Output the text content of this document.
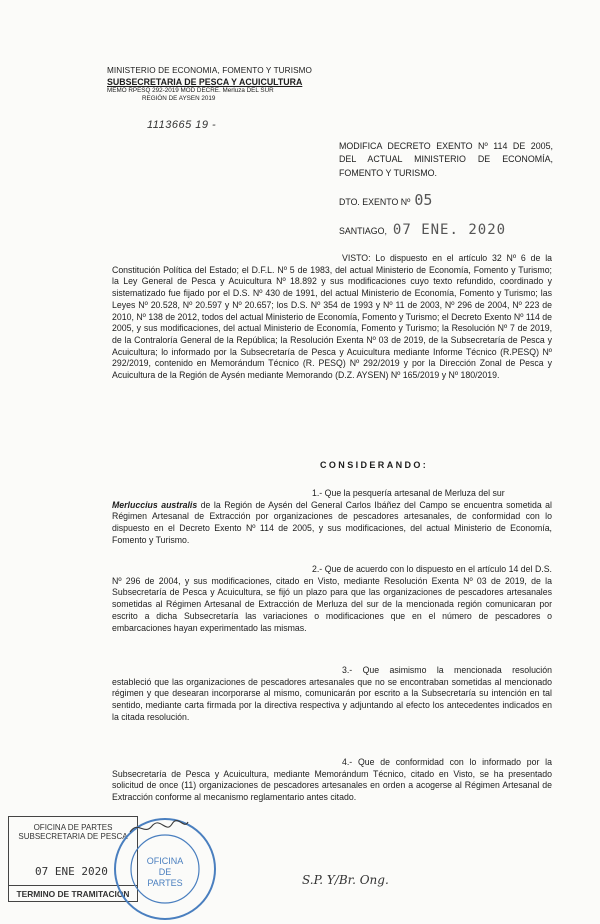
MINISTERIO DE ECONOMIA, FOMENTO Y TURISMO
SUBSECRETARIA DE PESCA Y ACUICULTURA
MEMO RPESQ 292-2019 MOD DECRE. Merluza DEL SUR
REGIÓN DE AYSEN 2019
1113665 19 -
MODIFICA DECRETO EXENTO Nº 114 DE 2005, DEL ACTUAL MINISTERIO DE ECONOMÍA, FOMENTO Y TURISMO.
DTO. EXENTO Nº 05
SANTIAGO, 07 ENE. 2020
VISTO: Lo dispuesto en el artículo 32 Nº 6 de la Constitución Política del Estado; el D.F.L. Nº 5 de 1983, del actual Ministerio de Economía, Fomento y Turismo; la Ley General de Pesca y Acuicultura Nº 18.892 y sus modificaciones cuyo texto refundido, coordinado y sistematizado fue fijado por el D.S. Nº 430 de 1991, del actual Ministerio de Economía, Fomento y Turismo; las Leyes Nº 20.528, Nº 20.597 y Nº 20.657; los D.S. Nº 354 de 1993 y Nº 11 de 2003, Nº 296 de 2004, Nº 223 de 2010, Nº 138 de 2012, todos del actual Ministerio de Economía, Fomento y Turismo; el Decreto Exento Nº 114 de 2005, y sus modificaciones, del actual Ministerio de Economía, Fomento y Turismo; la Resolución Nº 7 de 2019, de la Contraloría General de la República; la Resolución Exenta Nº 03 de 2019, de la Subsecretaría de Pesca y Acuicultura; lo informado por la Subsecretaría de Pesca y Acuicultura mediante Informe Técnico (R.PESQ) Nº 292/2019, contenido en Memorándum Técnico (R. PESQ) Nº 292/2019 y por la Dirección Zonal de Pesca y Acuicultura de la Región de Aysén mediante Memorando (D.Z. AYSEN) Nº 165/2019 y Nº 180/2019.
CONSIDERANDO:
1.- Que la pesquería artesanal de Merluza del sur
Merluccius australis de la Región de Aysén del General Carlos Ibáñez del Campo se encuentra sometida al Régimen Artesanal de Extracción por organizaciones de pescadores artesanales, de conformidad con lo dispuesto en el Decreto Exento Nº 114 de 2005, y sus modificaciones, del actual Ministerio de Economía, Fomento y Turismo.
2.- Que de acuerdo con lo dispuesto en el artículo 14 del D.S. Nº 296 de 2004, y sus modificaciones, citado en Visto, mediante Resolución Exenta Nº 03 de 2019, de la Subsecretaría de Pesca y Acuicultura, se fijó un plazo para que las organizaciones de pescadores artesanales sometidas al Régimen Artesanal de Extracción de Merluza del sur de la mencionada región comunicaran por escrito a dicha Subsecretaría las variaciones o modificaciones que en el número de pescadores o embarcaciones hayan experimentado las mismas.
3.- Que asimismo la mencionada resolución estableció que las organizaciones de pescadores artesanales que no se encontraban sometidas al mencionado régimen y que desearan incorporarse al mismo, comunicarán por escrito a la Subsecretaría su intención en tal sentido, mediante carta firmada por la directiva respectiva y adjuntando al efecto los antecedentes indicados en la citada resolución.
4.- Que de conformidad con lo informado por la Subsecretaría de Pesca y Acuicultura, mediante Memorándum Técnico, citado en Visto, se ha presentado solicitud de once (11) organizaciones de pescadores artesanales en orden a acogerse al Régimen Artesanal de Extracción conforme al mecanismo reglamentario antes citado.
OFICINA DE PARTES
SUBSECRETARIA DE PESCA
07 ENE 2020
TERMINO DE TRAMITACION
OFICINA
DE
PARTES	S.P. Y/Br. Ong.
